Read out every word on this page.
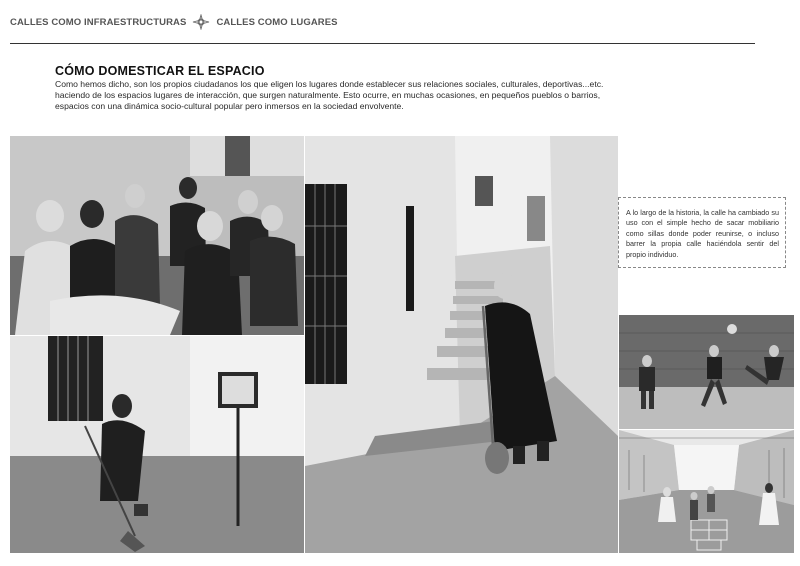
CALLES COMO INFRAESTRUCTURAS	CALLES COMO LUGARES
CÓMO DOMESTICAR EL ESPACIO
Como hemos dicho, son los propios ciudadanos los que eligen los lugares donde establecer sus relaciones sociales, culturales, deportivas...etc. haciendo de los espacios lugares de interacción, que surgen naturalmente. Esto ocurre, en muchas ocasiones, en pequeños pueblos o barrios, espacios con una dinámica socio-cultural popular pero inmersos en la sociedad envolvente.
A lo largo de la historia, la calle ha cambiado su uso con el simple hecho de sacar mobiliario como sillas donde poder reunirse, o incluso barrer la propia calle haciéndola sentir del propio individuo.
